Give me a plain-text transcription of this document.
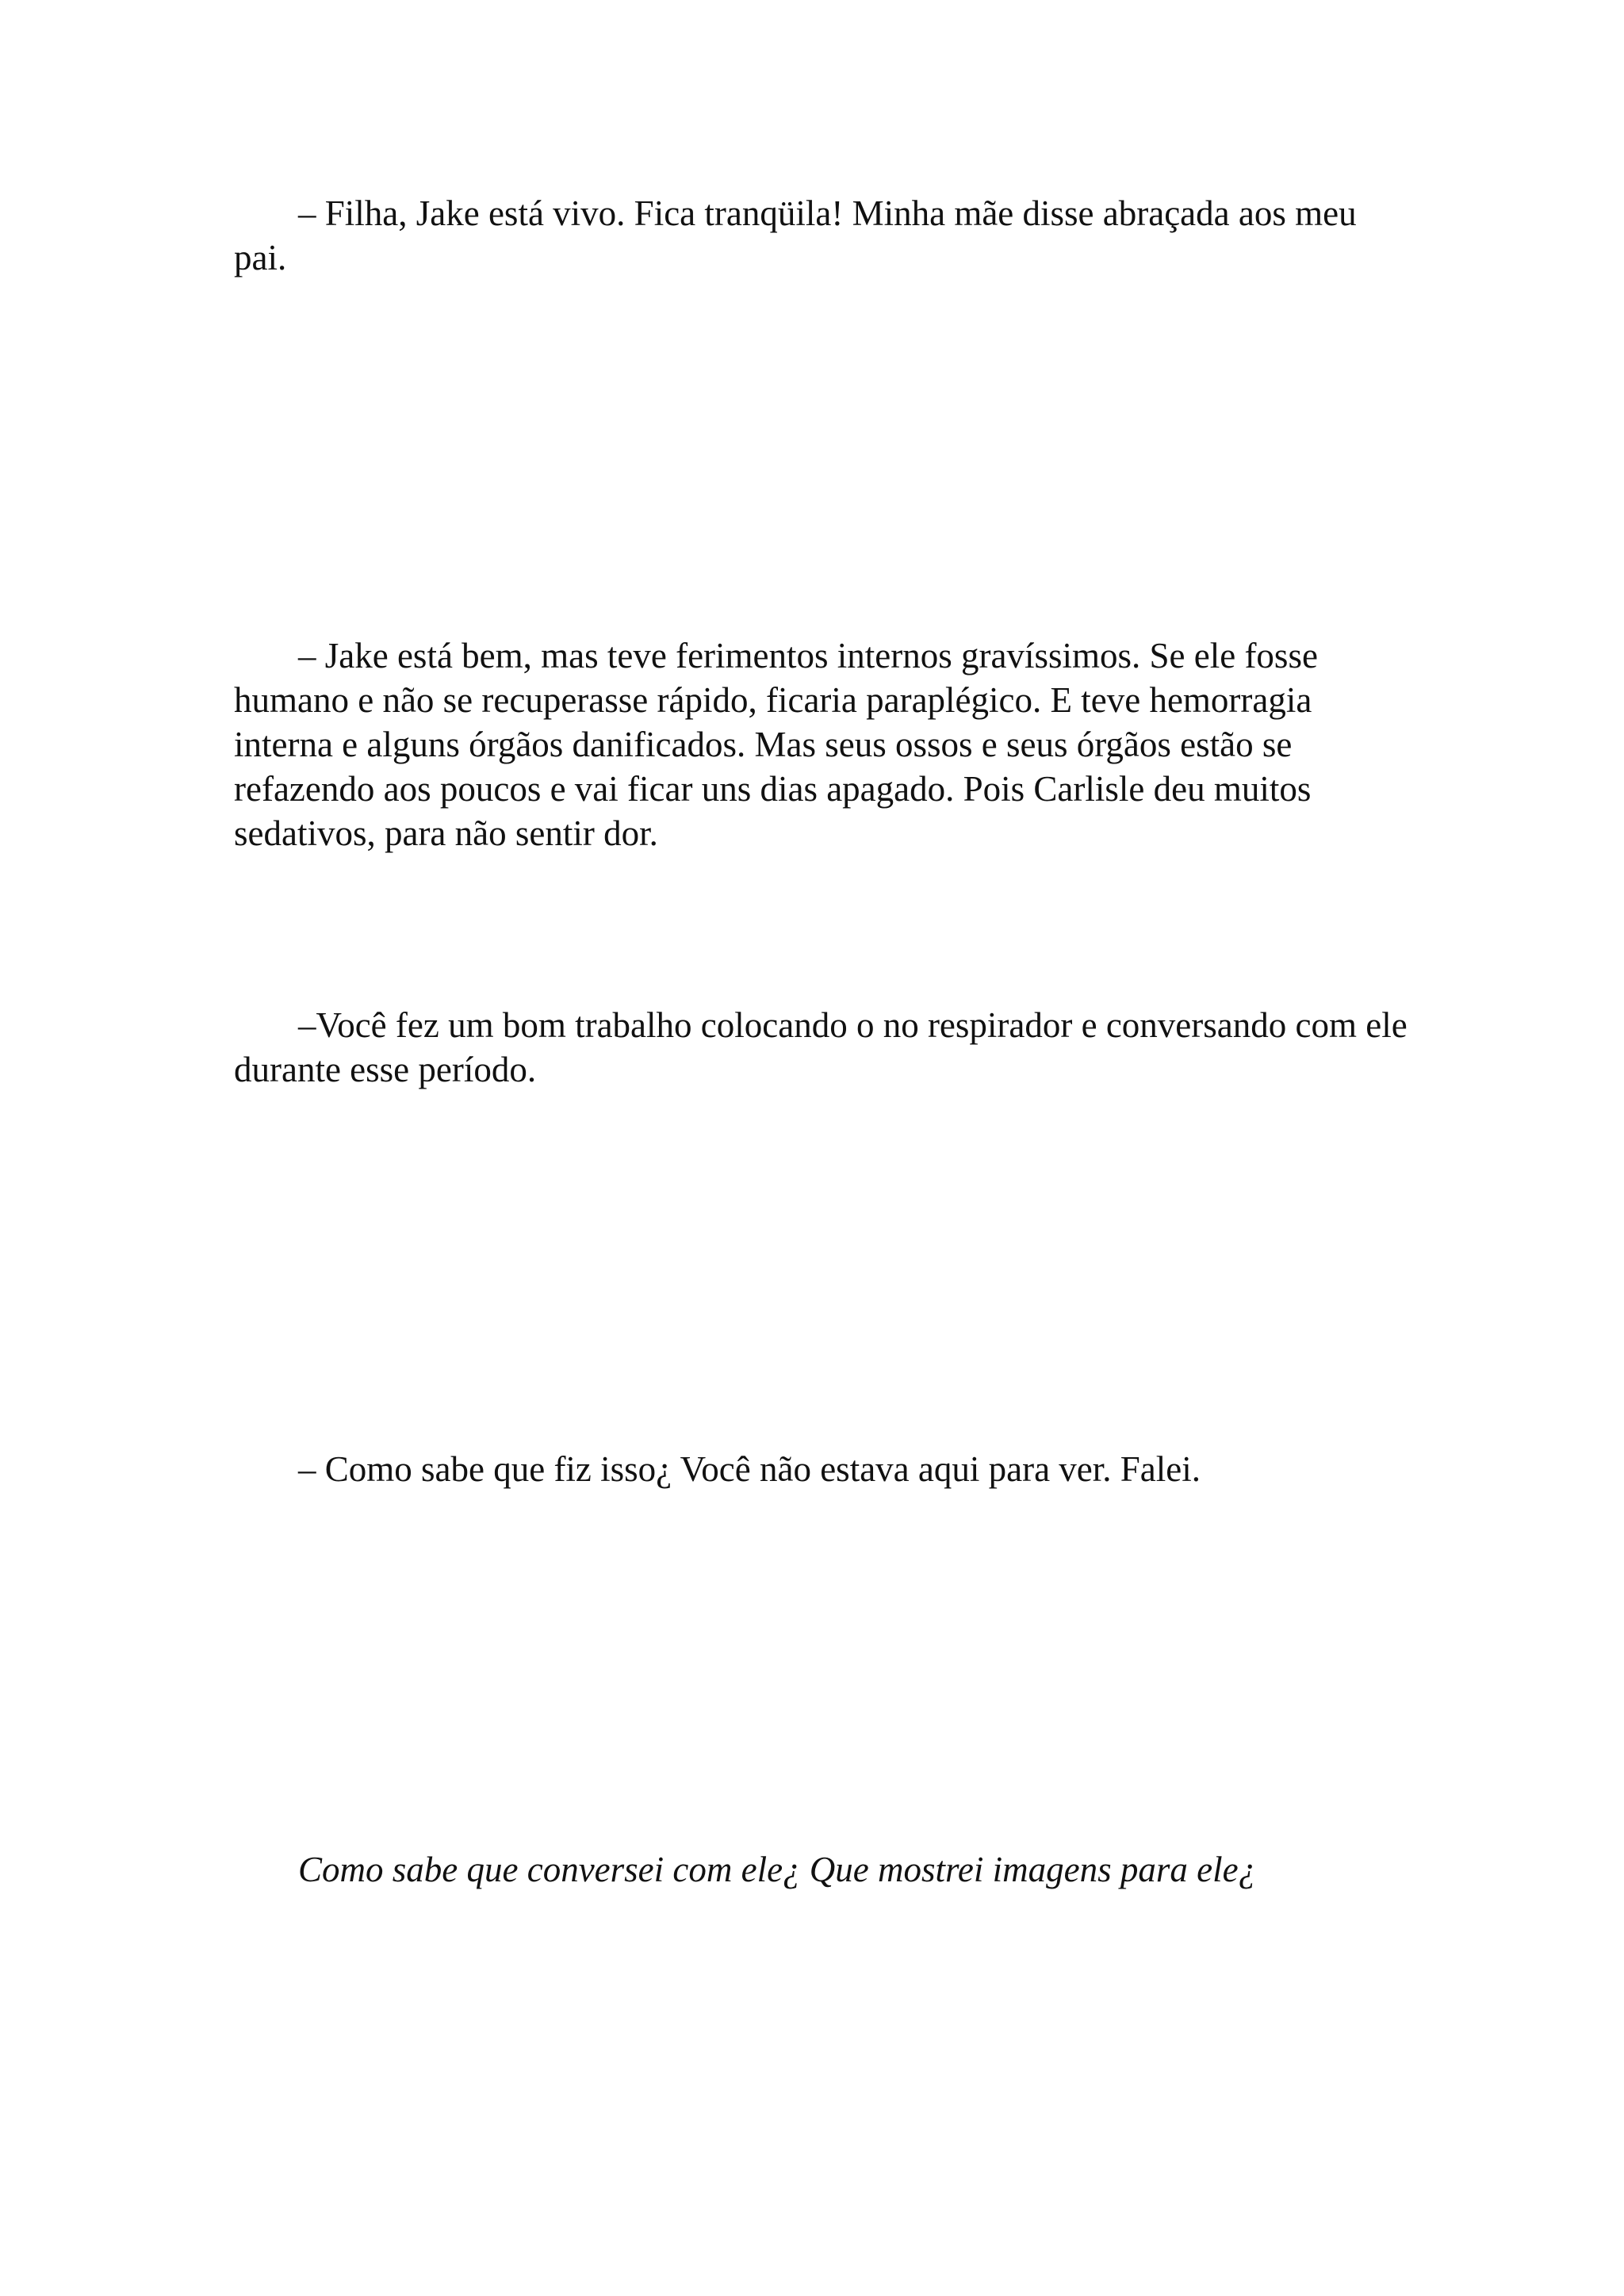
– Filha, Jake está vivo. Fica tranqüila! Minha mãe disse abraçada aos meu pai.

– Jake está bem, mas teve ferimentos internos gravíssimos. Se ele fosse humano e não se recuperasse rápido, ficaria paraplégico. E teve hemorragia interna e alguns órgãos danificados. Mas seus ossos e seus órgãos estão se refazendo aos poucos e vai ficar uns dias apagado. Pois Carlisle deu muitos sedativos, para não sentir dor.

–Você fez um bom trabalho colocando o no respirador e conversando com ele durante esse período.

– Como sabe que fiz isso¿ Você não estava aqui para ver. Falei.

Como sabe que conversei com ele¿ Que mostrei imagens para ele¿
